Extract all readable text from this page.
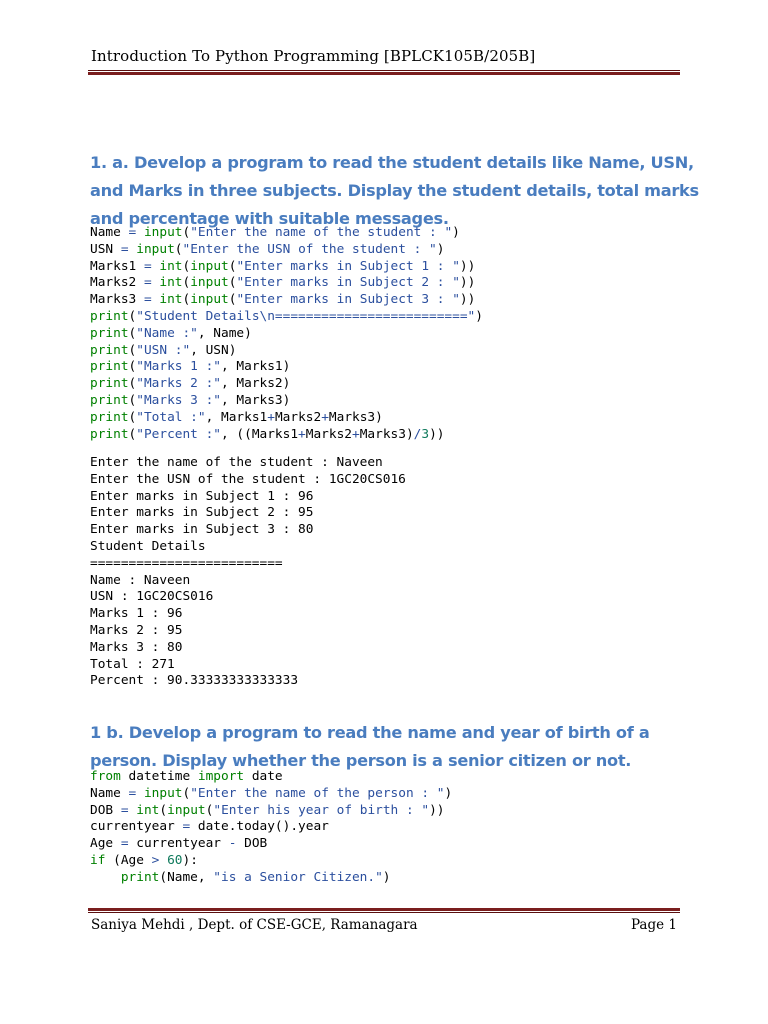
Introduction To Python Programming [BPLCK105B/205B]
1. a. Develop a program to read the student details like Name, USN,
and Marks in three subjects. Display the student details, total marks
and percentage with suitable messages.
Name = input("Enter the name of the student : ")
USN = input("Enter the USN of the student : ")
Marks1 = int(input("Enter marks in Subject 1 : "))
Marks2 = int(input("Enter marks in Subject 2 : "))
Marks3 = int(input("Enter marks in Subject 3 : "))
print("Student Details\n=========================")
print("Name :", Name)
print("USN :", USN)
print("Marks 1 :", Marks1)
print("Marks 2 :", Marks2)
print("Marks 3 :", Marks3)
print("Total :", Marks1+Marks2+Marks3)
print("Percent :", ((Marks1+Marks2+Marks3)/3))
Enter the name of the student : Naveen
Enter the USN of the student : 1GC20CS016
Enter marks in Subject 1 : 96
Enter marks in Subject 2 : 95
Enter marks in Subject 3 : 80
Student Details
=========================
Name : Naveen
USN : 1GC20CS016
Marks 1 : 96
Marks 2 : 95
Marks 3 : 80
Total : 271
Percent : 90.33333333333333
1 b. Develop a program to read the name and year of birth of a
person. Display whether the person is a senior citizen or not.
from datetime import date
Name = input("Enter the name of the person : ")
DOB = int(input("Enter his year of birth : "))
currentyear = date.today().year
Age = currentyear - DOB
if (Age > 60):
print(Name, "is a Senior Citizen.")
Saniya Mehdi , Dept. of CSE-GCE, Ramanagara	Page 1
